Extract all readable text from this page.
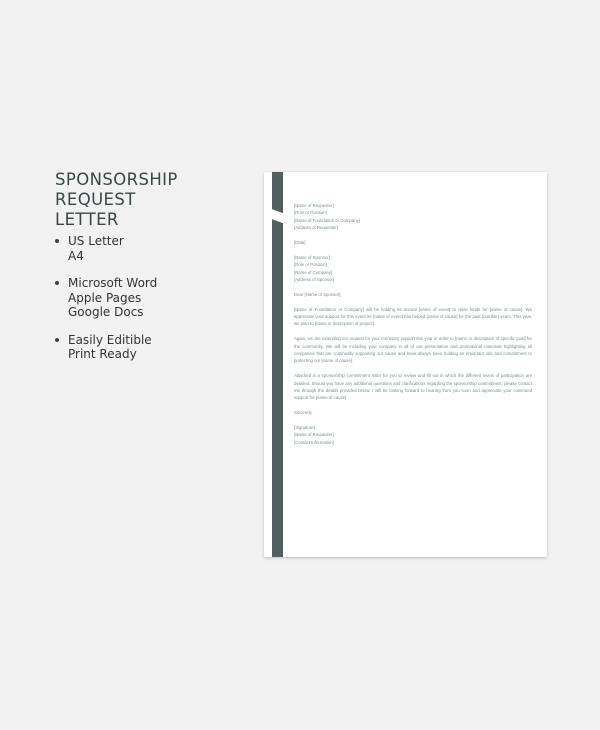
SPONSORSHIP REQUEST
LETTER
US Letter
A4
Microsoft Word
Apple Pages
Google Docs
Easily Editible
Print Ready
[Name of Requester]
[Role or Position]
[Name of Foundation or Company]
[Address of Requester]
[Date]
[Name of Sponsor]
[Role or Position]
[Name of Company]
[Address of Sponsor]
Dear [Name of Sponsor],
[Name of Foundation or Company] will be holding its annual [name of event] to raise funds for [name of cause]. We appreciate your support for this event as [name of event] has helped [name of cause] for the past [number] years. This year, we plan to [name or description of project].
Again, we are extending our request for your monetary support this year in order to [name or description of specific goal] for the community. We will be including your company in all of our presentation and promotional materials highlighting all companies that are continually supporting our cause and have always been holding an important role and commitment to protecting our [name of cause].
Attached is a sponsorship commitment letter for you to review and fill out in which the different levels of participation are detailed. Should you have any additional questions and clarifications regarding the sponsorship commitment, please contact me through the details provided below. I will be looking forward to hearing from you soon and appreciate your continued support for [name of cause].
Sincerely,
[Signature]
[Name of Requester]
[Contact Information]
